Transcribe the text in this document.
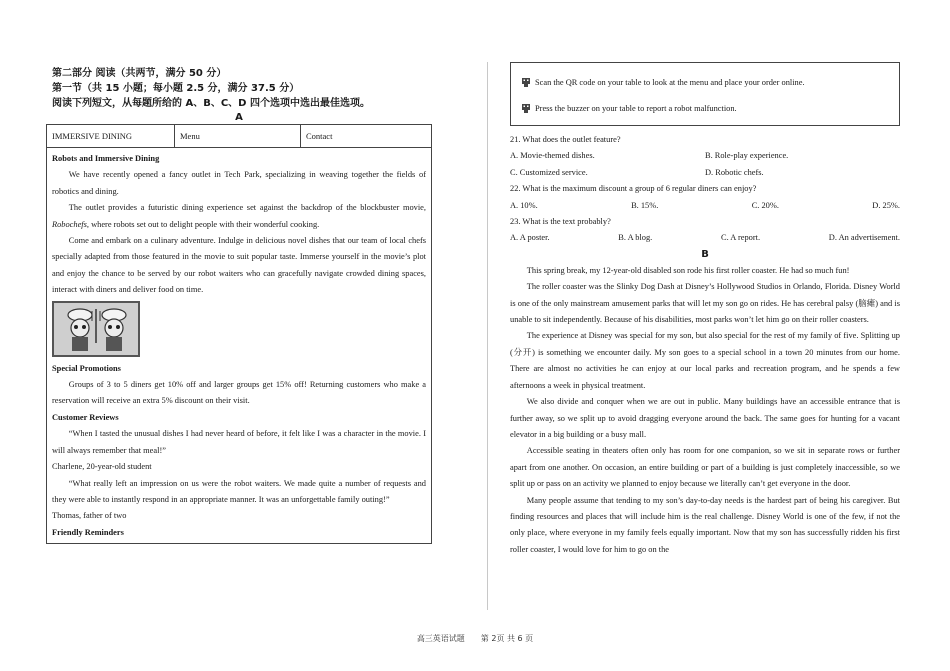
第二部分 阅读（共两节，满分 50 分）
第一节（共 15 小题；每小题 2.5 分，满分 37.5 分）
阅读下列短文，从每题所给的 A、B、C、D 四个选项中选出最佳选项。
A
IMMERSIVE DINING	Menu	Contact

Robots and Immersive Dining

We have recently opened a fancy outlet in Tech Park, specializing in weaving together the fields of robotics and dining.

The outlet provides a futuristic dining experience set against the backdrop of the blockbuster movie, Robochefs, where robots set out to delight people with their wonderful cooking.

Come and embark on a culinary adventure. Indulge in delicious novel dishes that our team of local chefs specially adapted from those featured in the movie to suit popular taste. Immerse yourself in the movie’s plot and enjoy the chance to be served by our robot waiters who can gracefully navigate crowded dining spaces, interact with diners and deliver food on time.

Special Promotions

Groups of 3 to 5 diners get 10% off and larger groups get 15% off! Returning customers who make a reservation will receive an extra 5% discount on their visit.

Customer Reviews

“When I tasted the unusual dishes I had never heard of before, it felt like I was a character in the movie. I will always remember that meal!”

Charlene, 20-year-old student

“What really left an impression on us were the robot waiters. We made quite a number of requests and they were able to instantly respond in an appropriate manner. It was an unforgettable family outing!”

Thomas, father of two

Friendly Reminders

Scan the QR code on your table to look at the menu and place your order online.
Press the buzzer on your table to report a robot malfunction.

21. What does the outlet feature?

A. Movie-themed dishes.	B. Role-play experience.
C. Customized service.	D. Robotic chefs.

22. What is the maximum discount a group of 6 regular diners can enjoy?

A. 10%.	B. 15%.	C. 20%.	D. 25%.

23. What is the text probably?

A. A poster.	B. A blog.	C. A report.	D. An advertisement.
B

This spring break, my 12-year-old disabled son rode his first roller coaster. He had so much fun!

The roller coaster was the Slinky Dog Dash at Disney’s Hollywood Studios in Orlando, Florida. Disney World is one of the only mainstream amusement parks that will let my son go on rides. He has cerebral palsy (脑瘫) and is unable to sit independently. Because of his disabilities, most parks won’t let him go on their roller coasters.

The experience at Disney was special for my son, but also special for the rest of my family of five. Splitting up (分开) is something we encounter daily. My son goes to a special school in a town 20 minutes from our home. There are almost no activities he can enjoy at our local parks and recreation program, and he spends a few afternoons a week in physical treatment.

We also divide and conquer when we are out in public. Many buildings have an accessible entrance that is further away, so we split up to avoid dragging everyone around the back. The same goes for hunting for a vacant elevator in a big building or a busy mall.

Accessible seating in theaters often only has room for one companion, so we sit in separate rows or further apart from one another. On occasion, an entire building or part of a building is just completely inaccessible, so we split up or pass on an activity we planned to enjoy because we literally can’t get everyone in the door.

Many people assume that tending to my son’s day-to-day needs is the hardest part of being his caregiver. But finding resources and places that will include him is the real challenge. Disney World is one of the few, if not the only place, where everyone in my family feels equally important. Now that my son has successfully ridden his first roller coaster, I would love for him to go on the

高三英语试题　　第 2页 共 6 页
